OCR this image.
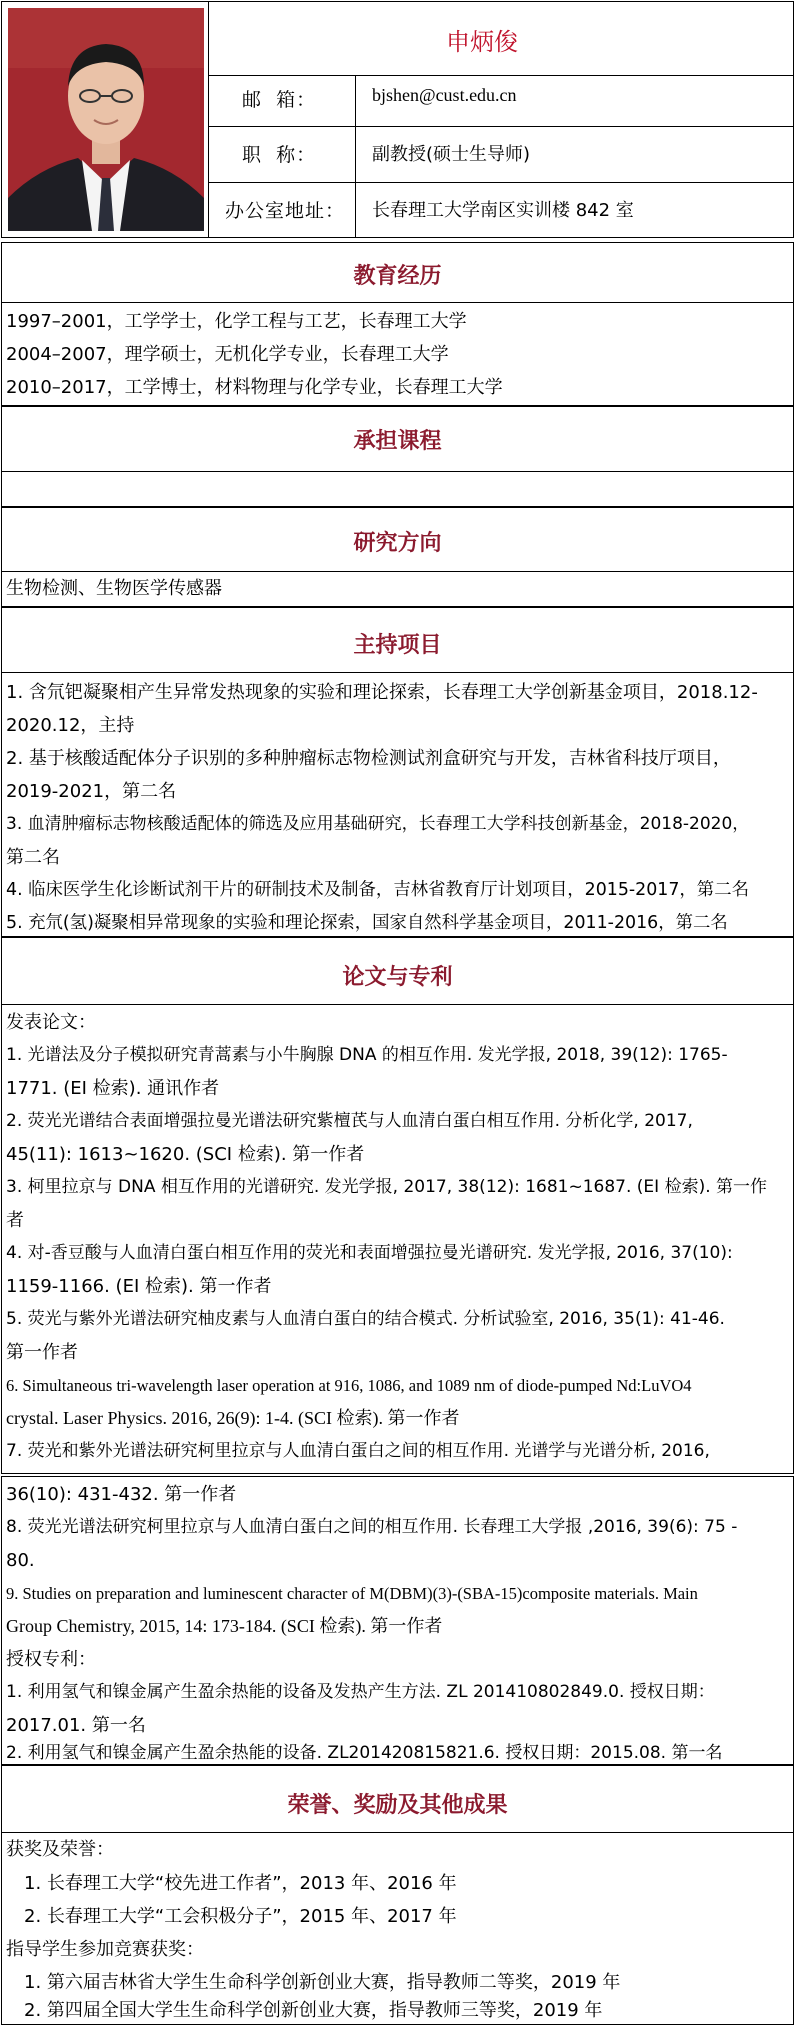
申炳俊
邮  箱：	bjshen@cust.edu.cn
职  称：	副教授(硕士生导师)
办公室地址： 长春理工大学南区实训楼 842 室
教育经历
1997–2001，工学学士，化学工程与工艺，长春理工大学
2004–2007，理学硕士，无机化学专业，长春理工大学
2010–2017，工学博士，材料物理与化学专业，长春理工大学
承担课程
研究方向
生物检测、生物医学传感器
主持项目
1. 含氘钯凝聚相产生异常发热现象的实验和理论探索，长春理工大学创新基金项目，2018.12-
2020.12，主持
2. 基于核酸适配体分子识别的多种肿瘤标志物检测试剂盒研究与开发，吉林省科技厅项目，
2019-2021，第二名
3. 血清肿瘤标志物核酸适配体的筛选及应用基础研究，长春理工大学科技创新基金，2018-2020，
第二名
4. 临床医学生化诊断试剂干片的研制技术及制备，吉林省教育厅计划项目，2015-2017，第二名
5. 充氘(氢)凝聚相异常现象的实验和理论探索，国家自然科学基金项目，2011-2016，第二名
论文与专利
发表论文：
1. 光谱法及分子模拟研究青蒿素与小牛胸腺 DNA 的相互作用. 发光学报, 2018, 39(12): 1765-
1771. (EI 检索). 通讯作者
2. 荧光光谱结合表面增强拉曼光谱法研究紫檀芪与人血清白蛋白相互作用. 分析化学, 2017,
45(11): 1613~1620. (SCI 检索). 第一作者
3. 柯里拉京与 DNA 相互作用的光谱研究. 发光学报, 2017, 38(12): 1681~1687. (EI 检索). 第一作
者
4. 对-香豆酸与人血清白蛋白相互作用的荧光和表面增强拉曼光谱研究. 发光学报, 2016, 37(10):
1159-1166. (EI 检索). 第一作者
5. 荧光与紫外光谱法研究柚皮素与人血清白蛋白的结合模式. 分析试验室, 2016, 35(1): 41-46.
第一作者
6. Simultaneous tri-wavelength laser operation at 916, 1086, and 1089 nm of diode-pumped Nd:LuVO4
crystal. Laser Physics. 2016, 26(9): 1-4. (SCI 检索). 第一作者
7. 荧光和紫外光谱法研究柯里拉京与人血清白蛋白之间的相互作用. 光谱学与光谱分析, 2016,
36(10): 431-432. 第一作者
8. 荧光光谱法研究柯里拉京与人血清白蛋白之间的相互作用. 长春理工大学报 ,2016, 39(6): 75 -
80.
9. Studies on preparation and luminescent character of M(DBM)(3)-(SBA-15)composite materials. Main
Group Chemistry, 2015, 14: 173-184. (SCI 检索). 第一作者
授权专利：
1. 利用氢气和镍金属产生盈余热能的设备及发热产生方法. ZL 201410802849.0. 授权日期：
2017.01. 第一名
2. 利用氢气和镍金属产生盈余热能的设备. ZL201420815821.6. 授权日期：2015.08. 第一名
荣誉、奖励及其他成果
获奖及荣誉：
1. 长春理工大学“校先进工作者”，2013 年、2016 年
2. 长春理工大学“工会积极分子”，2015 年、2017 年
指导学生参加竞赛获奖：
1. 第六届吉林省大学生生命科学创新创业大赛，指导教师二等奖，2019 年
2. 第四届全国大学生生命科学创新创业大赛，指导教师三等奖，2019 年
